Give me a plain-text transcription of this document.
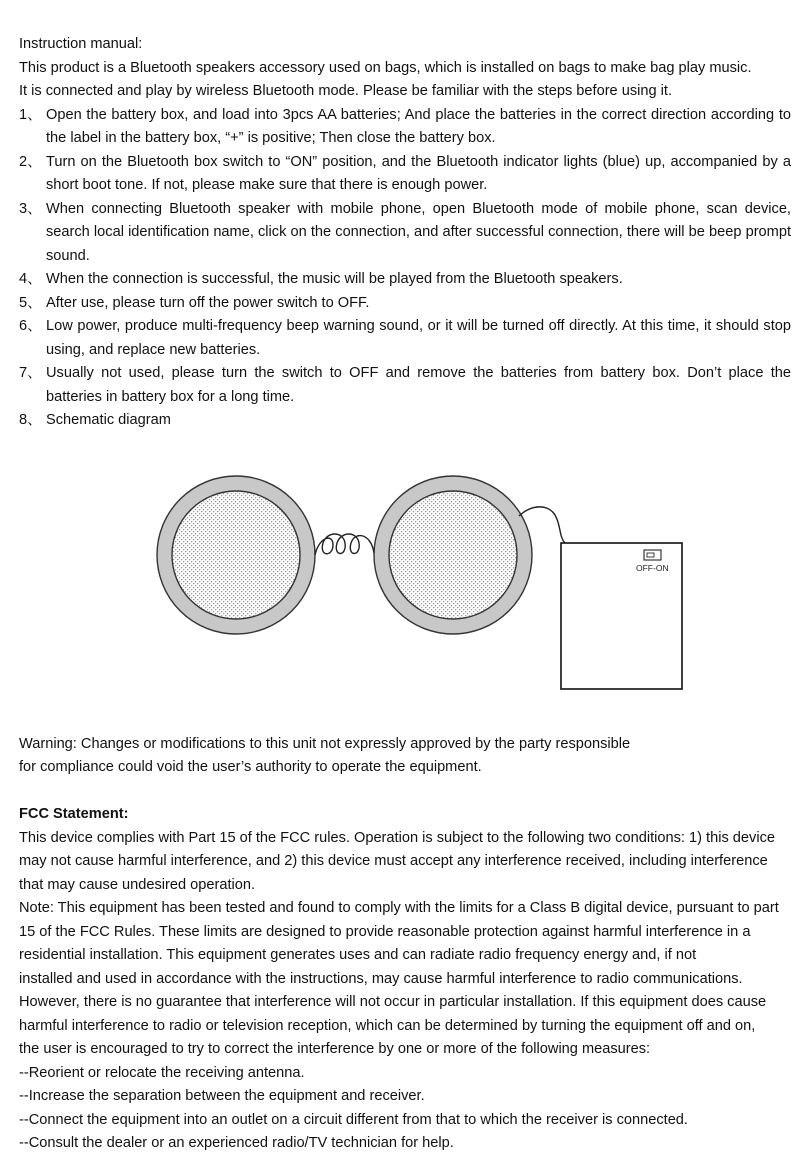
Instruction manual:
This product is a Bluetooth speakers accessory used on bags, which is installed on bags to make bag play music.
It is connected and play by wireless Bluetooth mode. Please be familiar with the steps before using it.
1、 Open the battery box, and load into 3pcs AA batteries; And place the batteries in the correct direction according to the label in the battery box, “+” is positive; Then close the battery box.
2、 Turn on the Bluetooth box switch to “ON” position, and the Bluetooth indicator lights (blue) up, accompanied by a short boot tone. If not, please make sure that there is enough power.
3、 When connecting Bluetooth speaker with mobile phone, open Bluetooth mode of mobile phone, scan device, search local identification name, click on the connection, and after successful connection, there will be beep prompt sound.
4、 When the connection is successful, the music will be played from the Bluetooth speakers.
5、 After use, please turn off the power switch to OFF.
6、 Low power, produce multi-frequency beep warning sound, or it will be turned off directly. At this time, it should stop using, and replace new batteries.
7、 Usually not used, please turn the switch to OFF and remove the batteries from battery box. Don’t place the batteries in battery box for a long time.
8、 Schematic diagram
OFF-ON
Warning: Changes or modifications to this unit not expressly approved by the party responsible
for compliance could void the user’s authority to operate the equipment.
FCC Statement:
This device complies with Part 15 of the FCC rules. Operation is subject to the following two conditions: 1) this device may not cause harmful interference, and 2) this device must accept any interference received, including interference that may cause undesired operation.
Note: This equipment has been tested and found to comply with the limits for a Class B digital device, pursuant to part
15 of the FCC Rules. These limits are designed to provide reasonable protection against harmful interference in a
residential installation. This equipment generates uses and can radiate radio frequency energy and, if not
installed and used in accordance with the instructions, may cause harmful interference to radio communications.
However, there is no guarantee that interference will not occur in particular installation. If this equipment does cause
harmful interference to radio or television reception, which can be determined by turning the equipment off and on,
the user is encouraged to try to correct the interference by one or more of the following measures:
--Reorient or relocate the receiving antenna.
--Increase the separation between the equipment and receiver.
--Connect the equipment into an outlet on a circuit different from that to which the receiver is connected.
--Consult the dealer or an experienced radio/TV technician for help.
